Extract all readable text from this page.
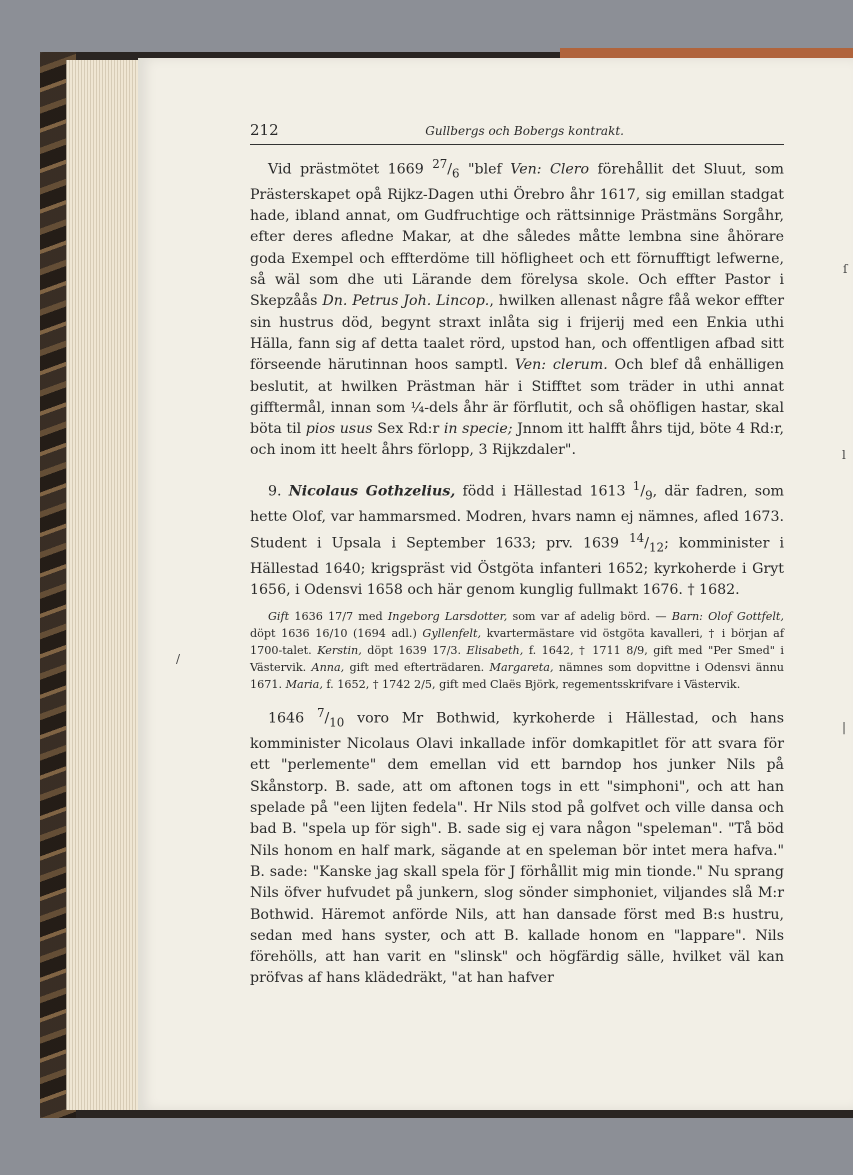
ſ
l
/
|
212	Gullbergs och Bobergs kontrakt.

Vid prästmötet 1669 $^{27}/_6$ "blef Ven: Clero förehållit det Sluut, som Prästerskapet opå Rijkz-Dagen uthi Örebro åhr 1617, sig emillan stadgat hade, ibland annat, om Gudfruchtige och rättsinnige Prästmäns Sorgåhr, efter deres afledne Makar, at dhe således måtte lembna sine åhörare goda Exempel och effterdöme till höfligheet och ett förnufftigt lefwerne, så wäl som dhe uti Lärande dem förelysa skole. Och effter Pastor i Skepzåås Dn. Petrus Joh. Lincop., hwilken allenast någre fåå wekor effter sin hustrus död, begynt straxt inlåta sig i frijerij med een Enkia uthi Hälla, fann sig af detta taalet rörd, upstod han, och offentligen afbad sitt förseende härutinnan hoos samptl. Ven: clerum. Och blef då enhälligen beslutit, at hwilken Prästman här i Stifftet som träder in uthi annat gifftermål, innan som ¼-dels åhr är förflutit, och så ohöfligen hastar, skal böta til pios usus Sex Rd:r in specie; Jnnom itt halfft åhrs tijd, böte 4 Rd:r, och inom itt heelt åhrs förlopp, 3 Rijkzdaler".

9. Nicolaus Gothzelius, född i Hällestad 1613 $^1/_9$, där fadren, som hette Olof, var hammarsmed. Modren, hvars namn ej nämnes, afled 1673. Student i Upsala i September 1633; prv. 1639 $^{14}/_{12}$; komminister i Hällestad 1640; krigspräst vid Östgöta infanteri 1652; kyrkoherde i Gryt 1656, i Odensvi 1658 och här genom kunglig fullmakt 1676. † 1682.

Gift 1636 17/7 med Ingeborg Larsdotter, som var af adelig börd. — Barn: Olof Gottfelt, döpt 1636 16/10 (1694 adl.) Gyllenfelt, kvartermästare vid östgöta kavalleri, † i början af 1700-talet. Kerstin, döpt 1639 17/3. Elisabeth, f. 1642, † 1711 8/9, gift med "Per Smed" i Västervik. Anna, gift med efterträdaren. Margareta, nämnes som dopvittne i Odensvi ännu 1671. Maria, f. 1652, † 1742 2/5, gift med Claës Björk, regementsskrifvare i Västervik.

1646 $^7/_{10}$ voro Mr Bothwid, kyrkoherde i Hällestad, och hans komminister Nicolaus Olavi inkallade inför domkapitlet för att svara för ett "perlemente" dem emellan vid ett barndop hos junker Nils på Skånstorp. B. sade, att om aftonen togs in ett "simphoni", och att han spelade på "een lijten fedela". Hr Nils stod på golfvet och ville dansa och bad B. "spela up för sigh". B. sade sig ej vara någon "speleman". "Tå böd Nils honom en half mark, sägande at en speleman bör intet mera hafva." B. sade: "Kanske jag skall spela för J förhållit mig min tionde." Nu sprang Nils öfver hufvudet på junkern, slog sönder simphoniet, viljandes slå M:r Bothwid. Häremot anförde Nils, att han dansade först med B:s hustru, sedan med hans syster, och att B. kallade honom en "lappare". Nils förehölls, att han varit en "slinsk" och högfärdig sälle, hvilket väl kan pröfvas af hans klädedräkt, "at han hafver
